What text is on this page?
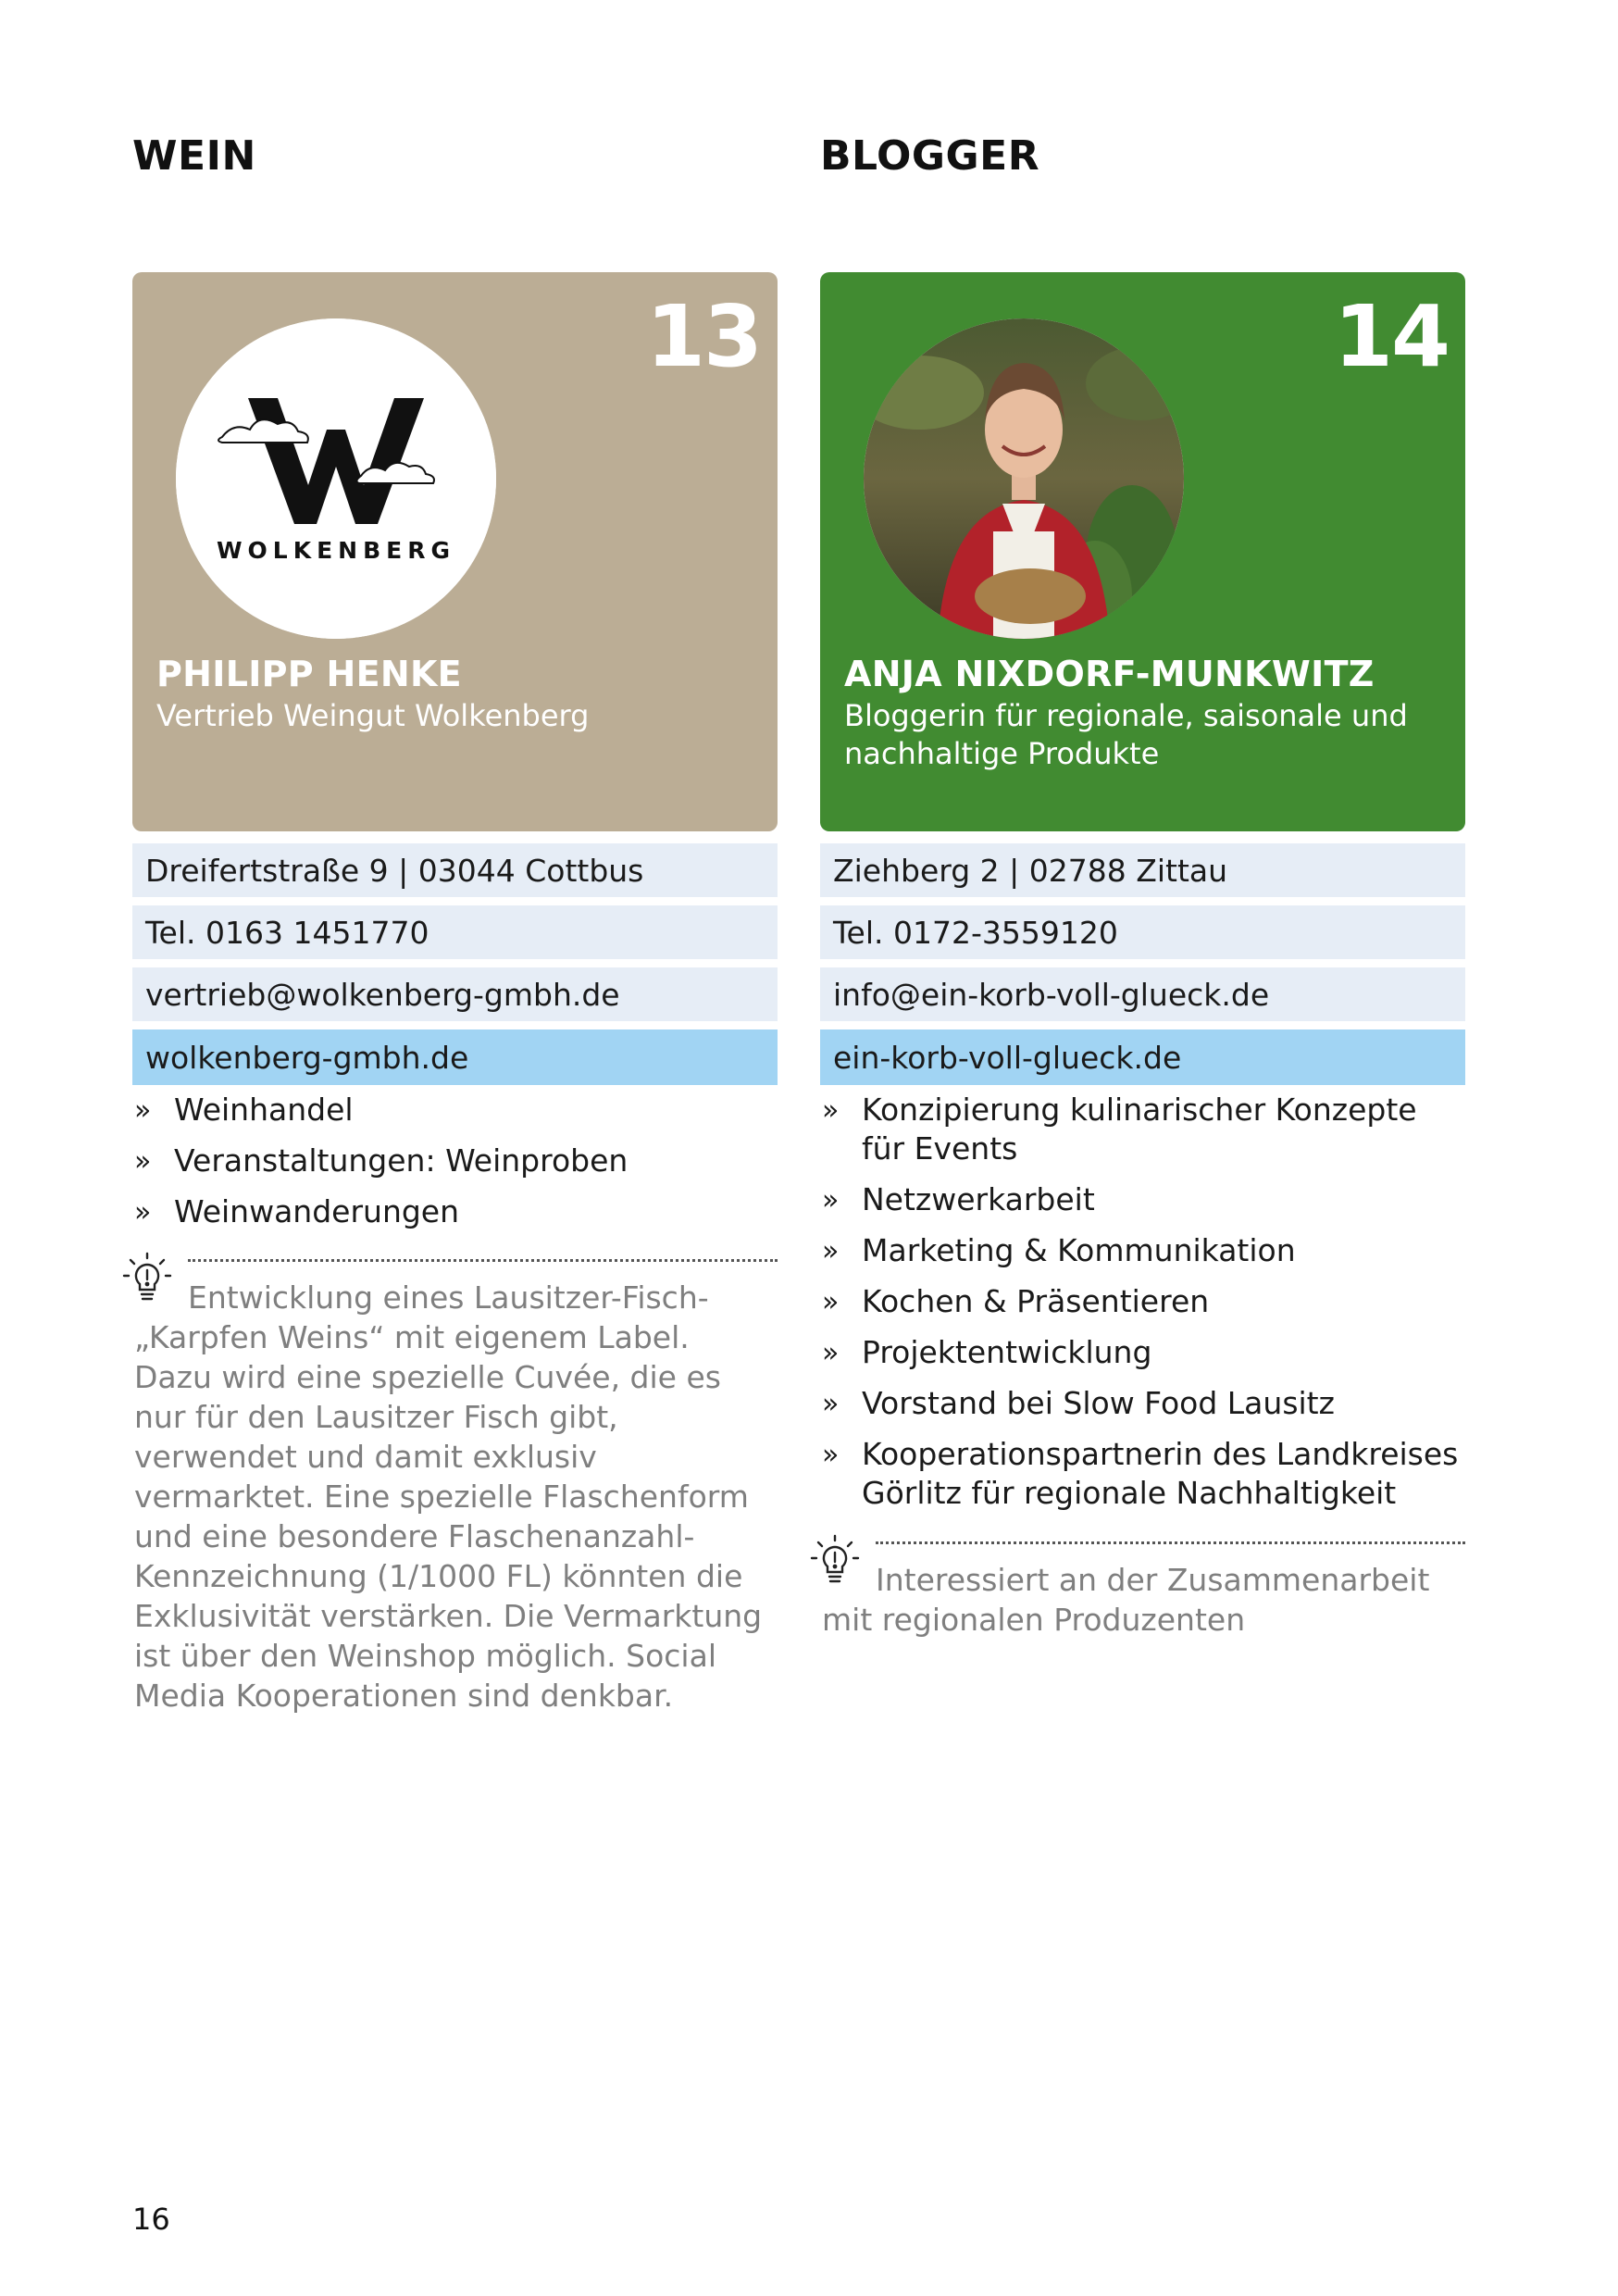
WEIN
13
WOLKENBERG
PHILIPP HENKE
Vertrieb Weingut Wolkenberg
Dreifertstraße 9 | 03044 Cottbus
Tel. 0163 1451770
vertrieb@wolkenberg-gmbh.de
wolkenberg-gmbh.de
» Weinhandel
» Veranstaltungen: Weinproben
» Weinwanderungen
Entwicklung eines Lausitzer-Fisch-„Karpfen Weins“ mit eigenem Label. Dazu wird eine spezielle Cuvée, die es nur für den Lausitzer Fisch gibt, verwendet und damit exklusiv vermarktet. Eine spezielle Flaschenform und eine besondere Flaschenanzahl-Kennzeichnung (1/1000 FL) könnten die Exklusivität verstärken. Die Vermarktung ist über den Weinshop möglich. Social Media Kooperationen sind denkbar.
BLOGGER
14
ANJA NIXDORF-MUNKWITZ
Bloggerin für regionale, saisonale und nachhaltige Produkte
Ziehberg 2 | 02788 Zittau
Tel. 0172-3559120
info@ein-korb-voll-glueck.de
ein-korb-voll-glueck.de
» Konzipierung kulinarischer Konzepte für Events
» Netzwerkarbeit
» Marketing & Kommunikation
» Kochen & Präsentieren
» Projektentwicklung
» Vorstand bei Slow Food Lausitz
» Kooperationspartnerin des Landkreises Görlitz für regionale Nachhaltigkeit
Interessiert an der Zusammenarbeit mit regionalen Produzenten
16
